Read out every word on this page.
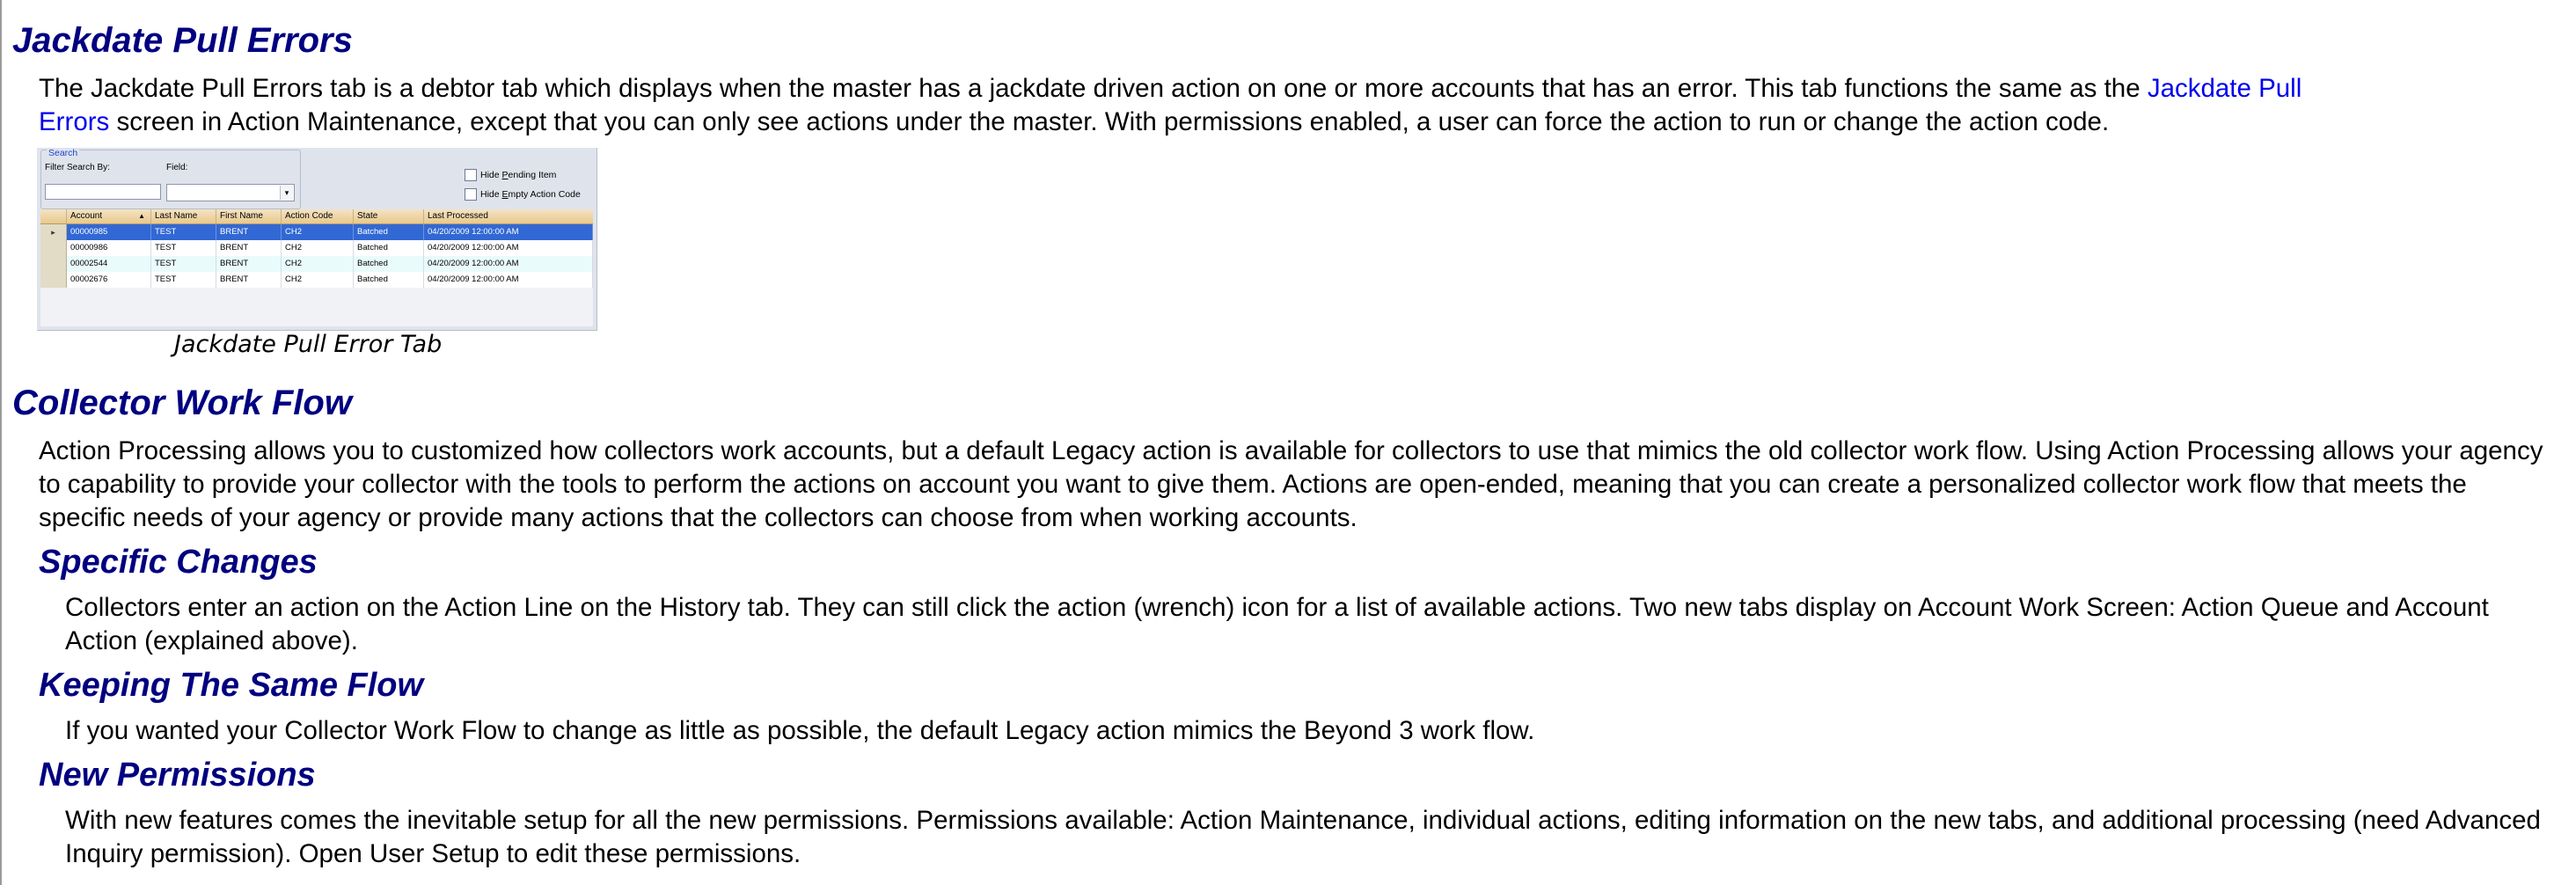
Jackdate Pull Errors

The Jackdate Pull Errors tab is a debtor tab which displays when the master has a jackdate driven action on one or more accounts that has an error. This tab functions the same as the Jackdate Pull
Errors screen in Action Maintenance, except that you can only see actions under the master. With permissions enabled, a user can force the action to run or change the action code.

Search
Filter Search By:	Field:
▾
Hide Pending Item
Hide Empty Action Code
Account	▲	Last Name	First Name	Action Code	State	Last Processed
▸	00000985	TEST	BRENT	CH2	Batched	04/20/2009 12:00:00 AM
00000986	TEST	BRENT	CH2	Batched	04/20/2009 12:00:00 AM
00002544	TEST	BRENT	CH2	Batched	04/20/2009 12:00:00 AM
00002676	TEST	BRENT	CH2	Batched	04/20/2009 12:00:00 AM

Jackdate Pull Error Tab

Collector Work Flow

Action Processing allows you to customized how collectors work accounts, but a default Legacy action is available for collectors to use that mimics the old collector work flow. Using Action Processing allows your agency to capability to provide your collector with the tools to perform the actions on account you want to give them. Actions are open-ended, meaning that you can create a personalized collector work flow that meets the specific needs of your agency or provide many actions that the collectors can choose from when working accounts.

Specific Changes

Collectors enter an action on the Action Line on the History tab. They can still click the action (wrench) icon for a list of available actions. Two new tabs display on Account Work Screen: Action Queue and Account Action (explained above).

Keeping The Same Flow

If you wanted your Collector Work Flow to change as little as possible, the default Legacy action mimics the Beyond 3 work flow.

New Permissions

With new features comes the inevitable setup for all the new permissions. Permissions available: Action Maintenance, individual actions, editing information on the new tabs, and additional processing (need Advanced Inquiry permission). Open User Setup to edit these permissions.
